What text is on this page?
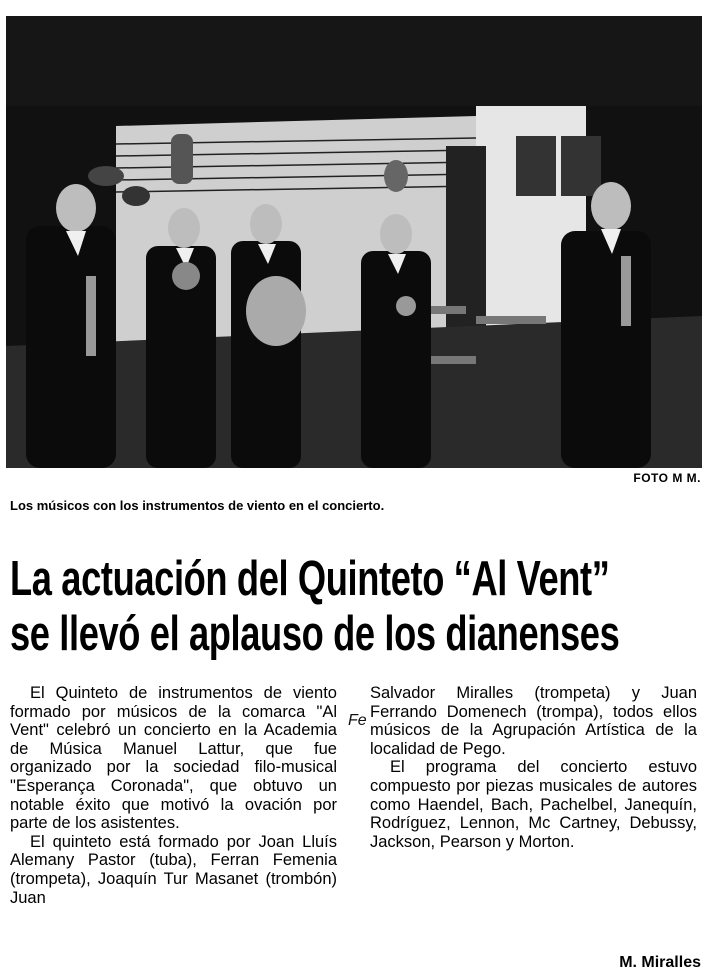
FOTO M M.
Los músicos con los instrumentos de viento en el concierto.
La actuación del Quinteto “Al Vent”
se llevó el aplauso de los dianenses

El Quinteto de instrumentos de viento formado por músicos de la comarca "Al Vent" celebró un concierto en la Academia de Música Manuel Lattur, que fue organizado por la sociedad filo-musical "Esperança Coronada", que obtuvo un notable éxito que motivó la ovación por parte de los asistentes.

El quinteto está formado por Joan Lluís Alemany Pastor (tuba), Ferran Femenia (trompeta), Joaquín Tur Masanet (trombón) Juan

Fe

Salvador Miralles (trompeta) y Juan Ferrando Domenech (trompa), todos ellos músicos de la Agrupación Artística de la localidad de Pego.

El programa del concierto estuvo compuesto por piezas musicales de autores como Haendel, Bach, Pachelbel, Janequín, Rodríguez, Lennon, Mc Cartney, Debussy, Jackson, Pearson y Morton.

M. Miralles
